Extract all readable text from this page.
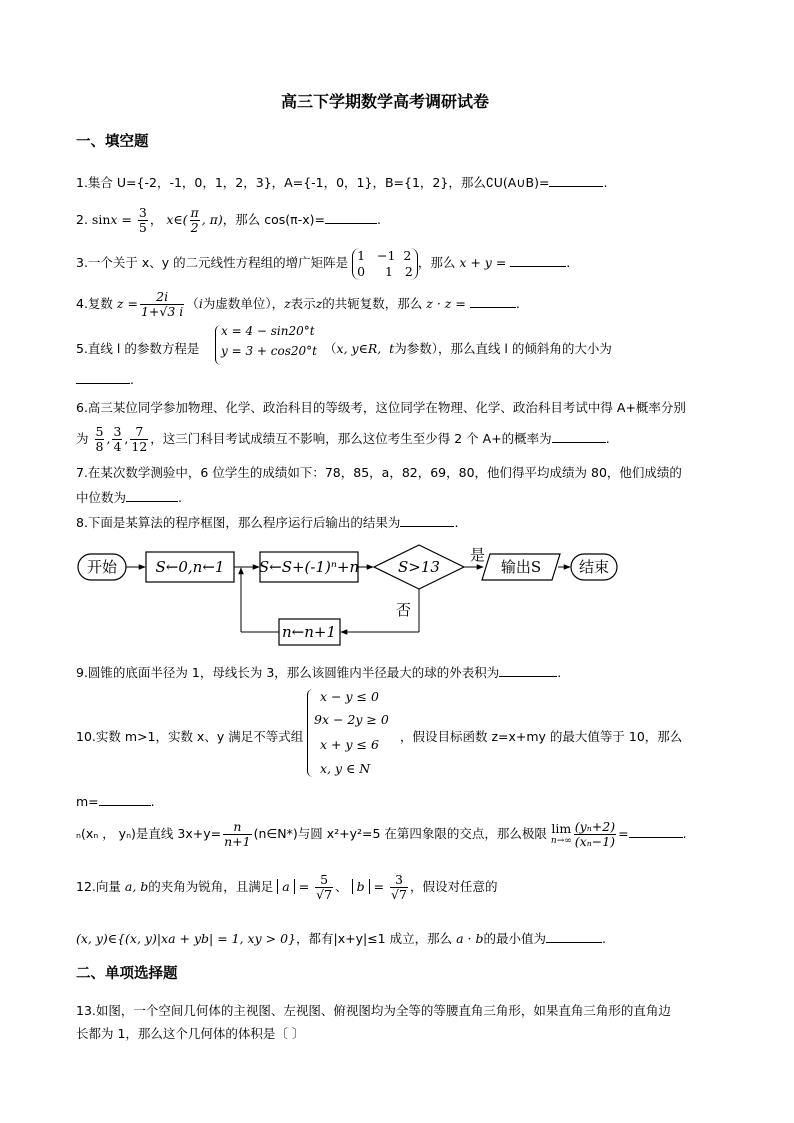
高三下学期数学高考调研试卷
一、填空题
1.集合 U={-2，-1，0，1，2，3}，A={-1，0，1}，B={1，2}，那么∁U(A∪B)=	.
2. $\sin x = \frac{3}{5}$ ， x∈( $\frac{\pi}{2}$ , π)，那么 cos(π-x)=	.
3.一个关于 x、y 的二元线性方程组的增广矩阵是 1 −1 2
0 1 2
，那么 x + y =	.
4.复数 $z = \frac{2i}{1+√3 i} (i$为虚数单位），z表示z的共轭复数，那么 z · z =	.
5.直线 l 的参数方程是
x = 4 − sin20°t
y = 3 + cos20°t （x, y∈R, t为参数），那么直线 l 的倾斜角的大小为
.
6.高三某位同学参加物理、化学、政治科目的等级考，这位同学在物理、化学、政治科目考试中得 A+概率分别
为 $\frac{5}{8}$ , $\frac{3}{4}$ , $\frac{7}{12}$ ，这三门科目考试成绩互不影响，那么这位考生至少得 2 个 A+的概率为	.
7.在某次数学测验中，6 位学生的成绩如下：78，85，a，82，69，80，他们得平均成绩为 80，他们成绩的
中位数为	.
8.下面是某算法的程序框图，那么程序运行后输出的结果为	.
开始	S←0,n←1 S←S+(-1)ⁿ+n	S>13
是
输出S	结束
否
n←n+1
9.圆锥的底面半径为 1，母线长为 3，那么该圆锥内半径最大的球的外表积为	.
10.实数 m>1，实数 x、y 满足不等式组
x − y ≤ 0
9x − 2y ≥ 0
x + y ≤ 6
x, y ∈ N
，假设目标函数 z=x+my 的最大值等于 10，那么
m=	.
ₙ(xₙ ， yₙ)是直线 $3x+y= \frac{n}{n+1}$ (n∈N*)与圆 x²+y²=5 在第四象限的交点，那么极限 lim
$n\to\infty \frac{\text{(yₙ+2)}}{\text{(xₙ−1)}}$ =	.
12.向量 a, b的夹角为锐角，且满足 $a = \frac{5}{√7}$ 、 $b = \frac{3}{√7}$ ，假设对任意的
(x, y)∈{(x, y)|xa + yb| = 1, xy > 0}，都有|x+y|≤1 成立，那么 a · b的最小值为	.
二、单项选择题
13.如图，一个空间几何体的主视图、左视图、俯视图均为全等的等腰直角三角形，如果直角三角形的直角边
长都为 1，那么这个几何体的体积是〔 〕
